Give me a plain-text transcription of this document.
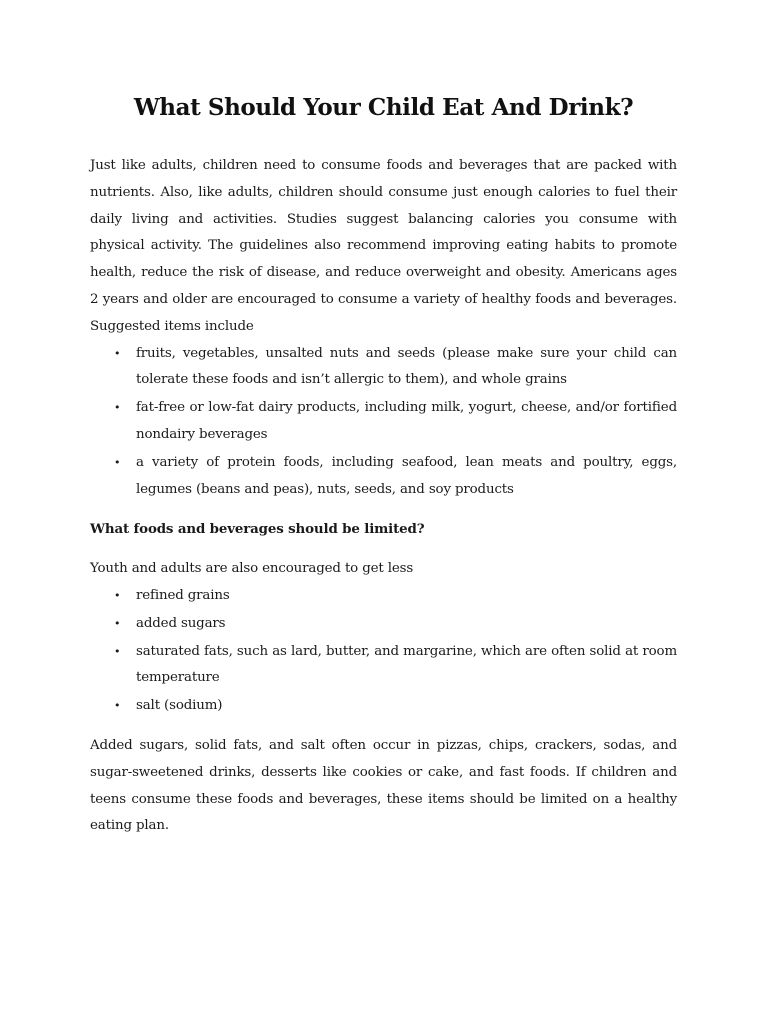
What Should Your Child Eat And Drink?

Just like adults, children need to consume foods and beverages that are packed with nutrients. Also, like adults, children should consume just enough calories to fuel their daily living and activities. Studies suggest balancing calories you consume with physical activity. The guidelines also recommend improving eating habits to promote health, reduce the risk of disease, and reduce overweight and obesity. Americans ages 2 years and older are encouraged to consume a variety of healthy foods and beverages. Suggested items include

• fruits, vegetables, unsalted nuts and seeds (please make sure your child can tolerate these foods and isn’t allergic to them), and whole grains
• fat-free or low-fat dairy products, including milk, yogurt, cheese, and/or fortified nondairy beverages
• a variety of protein foods, including seafood, lean meats and poultry, eggs, legumes (beans and peas), nuts, seeds, and soy products
What foods and beverages should be limited?

Youth and adults are also encouraged to get less

• refined grains
• added sugars
• saturated fats, such as lard, butter, and margarine, which are often solid at room temperature
• salt (sodium)

Added sugars, solid fats, and salt often occur in pizzas, chips, crackers, sodas, and sugar-sweetened drinks, desserts like cookies or cake, and fast foods. If children and teens consume these foods and beverages, these items should be limited on a healthy eating plan.
